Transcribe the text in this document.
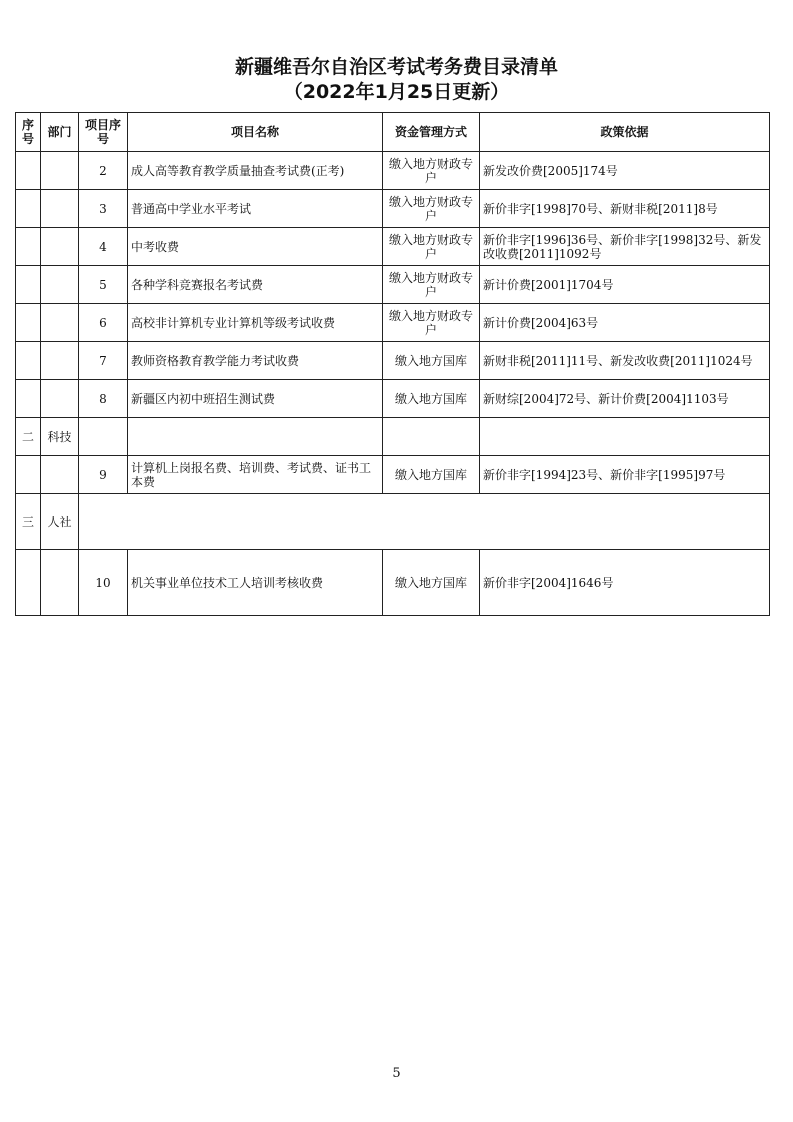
新疆维吾尔自治区考试考务费目录清单
（2022年1月25日更新）
序号	部门	项目序号	项目名称	资金管理方式	政策依据
		2	成人高等教育教学质量抽查考试费(正考)	缴入地方财政专户	新发改价费[2005]174号
		3	普通高中学业水平考试	缴入地方财政专户	新价非字[1998]70号、新财非税[2011]8号
		4	中考收费	缴入地方财政专户	新价非字[1996]36号、新价非字[1998]32号、新发改收费[2011]1092号
		5	各种学科竞赛报名考试费	缴入地方财政专户	新计价费[2001]1704号
		6	高校非计算机专业计算机等级考试收费	缴入地方财政专户	新计价费[2004]63号
		7	教师资格教育教学能力考试收费	缴入地方国库	新财非税[2011]11号、新发改收费[2011]1024号
		8	新疆区内初中班招生测试费	缴入地方国库	新财综[2004]72号、新计价费[2004]1103号
二	科技				
		9	计算机上岗报名费、培训费、考试费、证书工本费	缴入地方国库	新价非字[1994]23号、新价非字[1995]97号
三	人社				
		10	机关事业单位技术工人培训考核收费	缴入地方国库	新价非字[2004]1646号
5
